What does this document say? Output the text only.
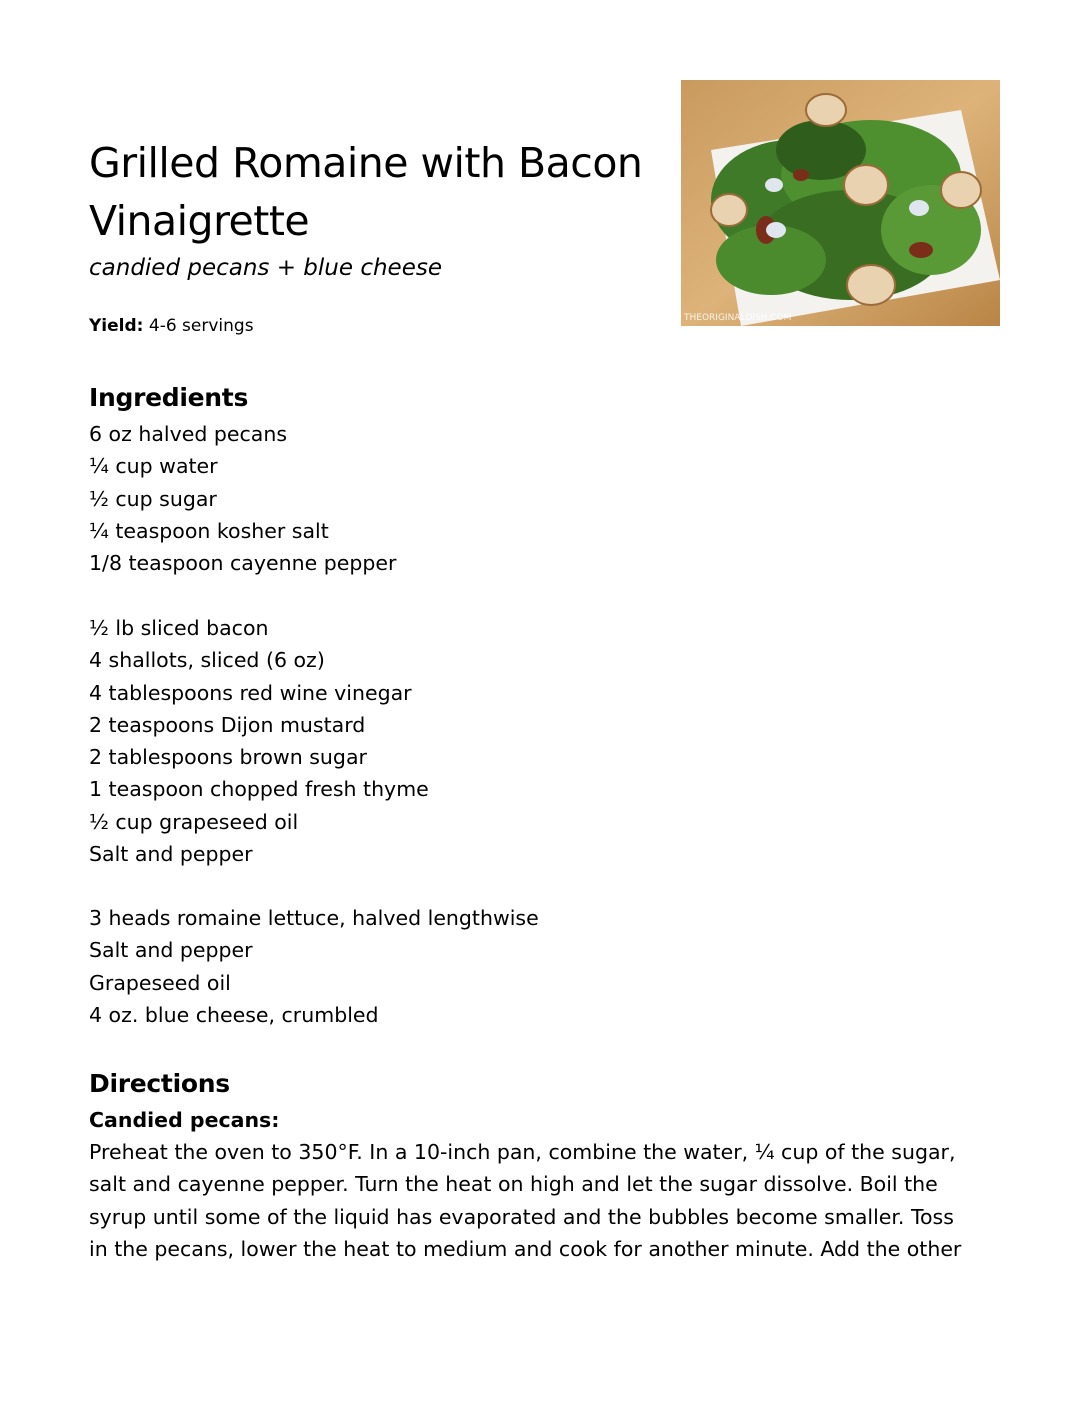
Grilled Romaine with Bacon Vinaigrette

candied pecans + blue cheese

Yield: 4-6 servings	THEORIGINALDISH.COM
Ingredients
6 oz halved pecans
¼ cup water
½ cup sugar
¼ teaspoon kosher salt
1/8 teaspoon cayenne pepper
½ lb sliced bacon
4 shallots, sliced (6 oz)
4 tablespoons red wine vinegar
2 teaspoons Dijon mustard
2 tablespoons brown sugar
1 teaspoon chopped fresh thyme
½ cup grapeseed oil
Salt and pepper
3 heads romaine lettuce, halved lengthwise
Salt and pepper
Grapeseed oil
4 oz. blue cheese, crumbled
Directions
Candied pecans:

Preheat the oven to 350°F. In a 10-inch pan, combine the water, ¼ cup of the sugar,
salt and cayenne pepper. Turn the heat on high and let the sugar dissolve. Boil the
syrup until some of the liquid has evaporated and the bubbles become smaller. Toss
in the pecans, lower the heat to medium and cook for another minute. Add the other
